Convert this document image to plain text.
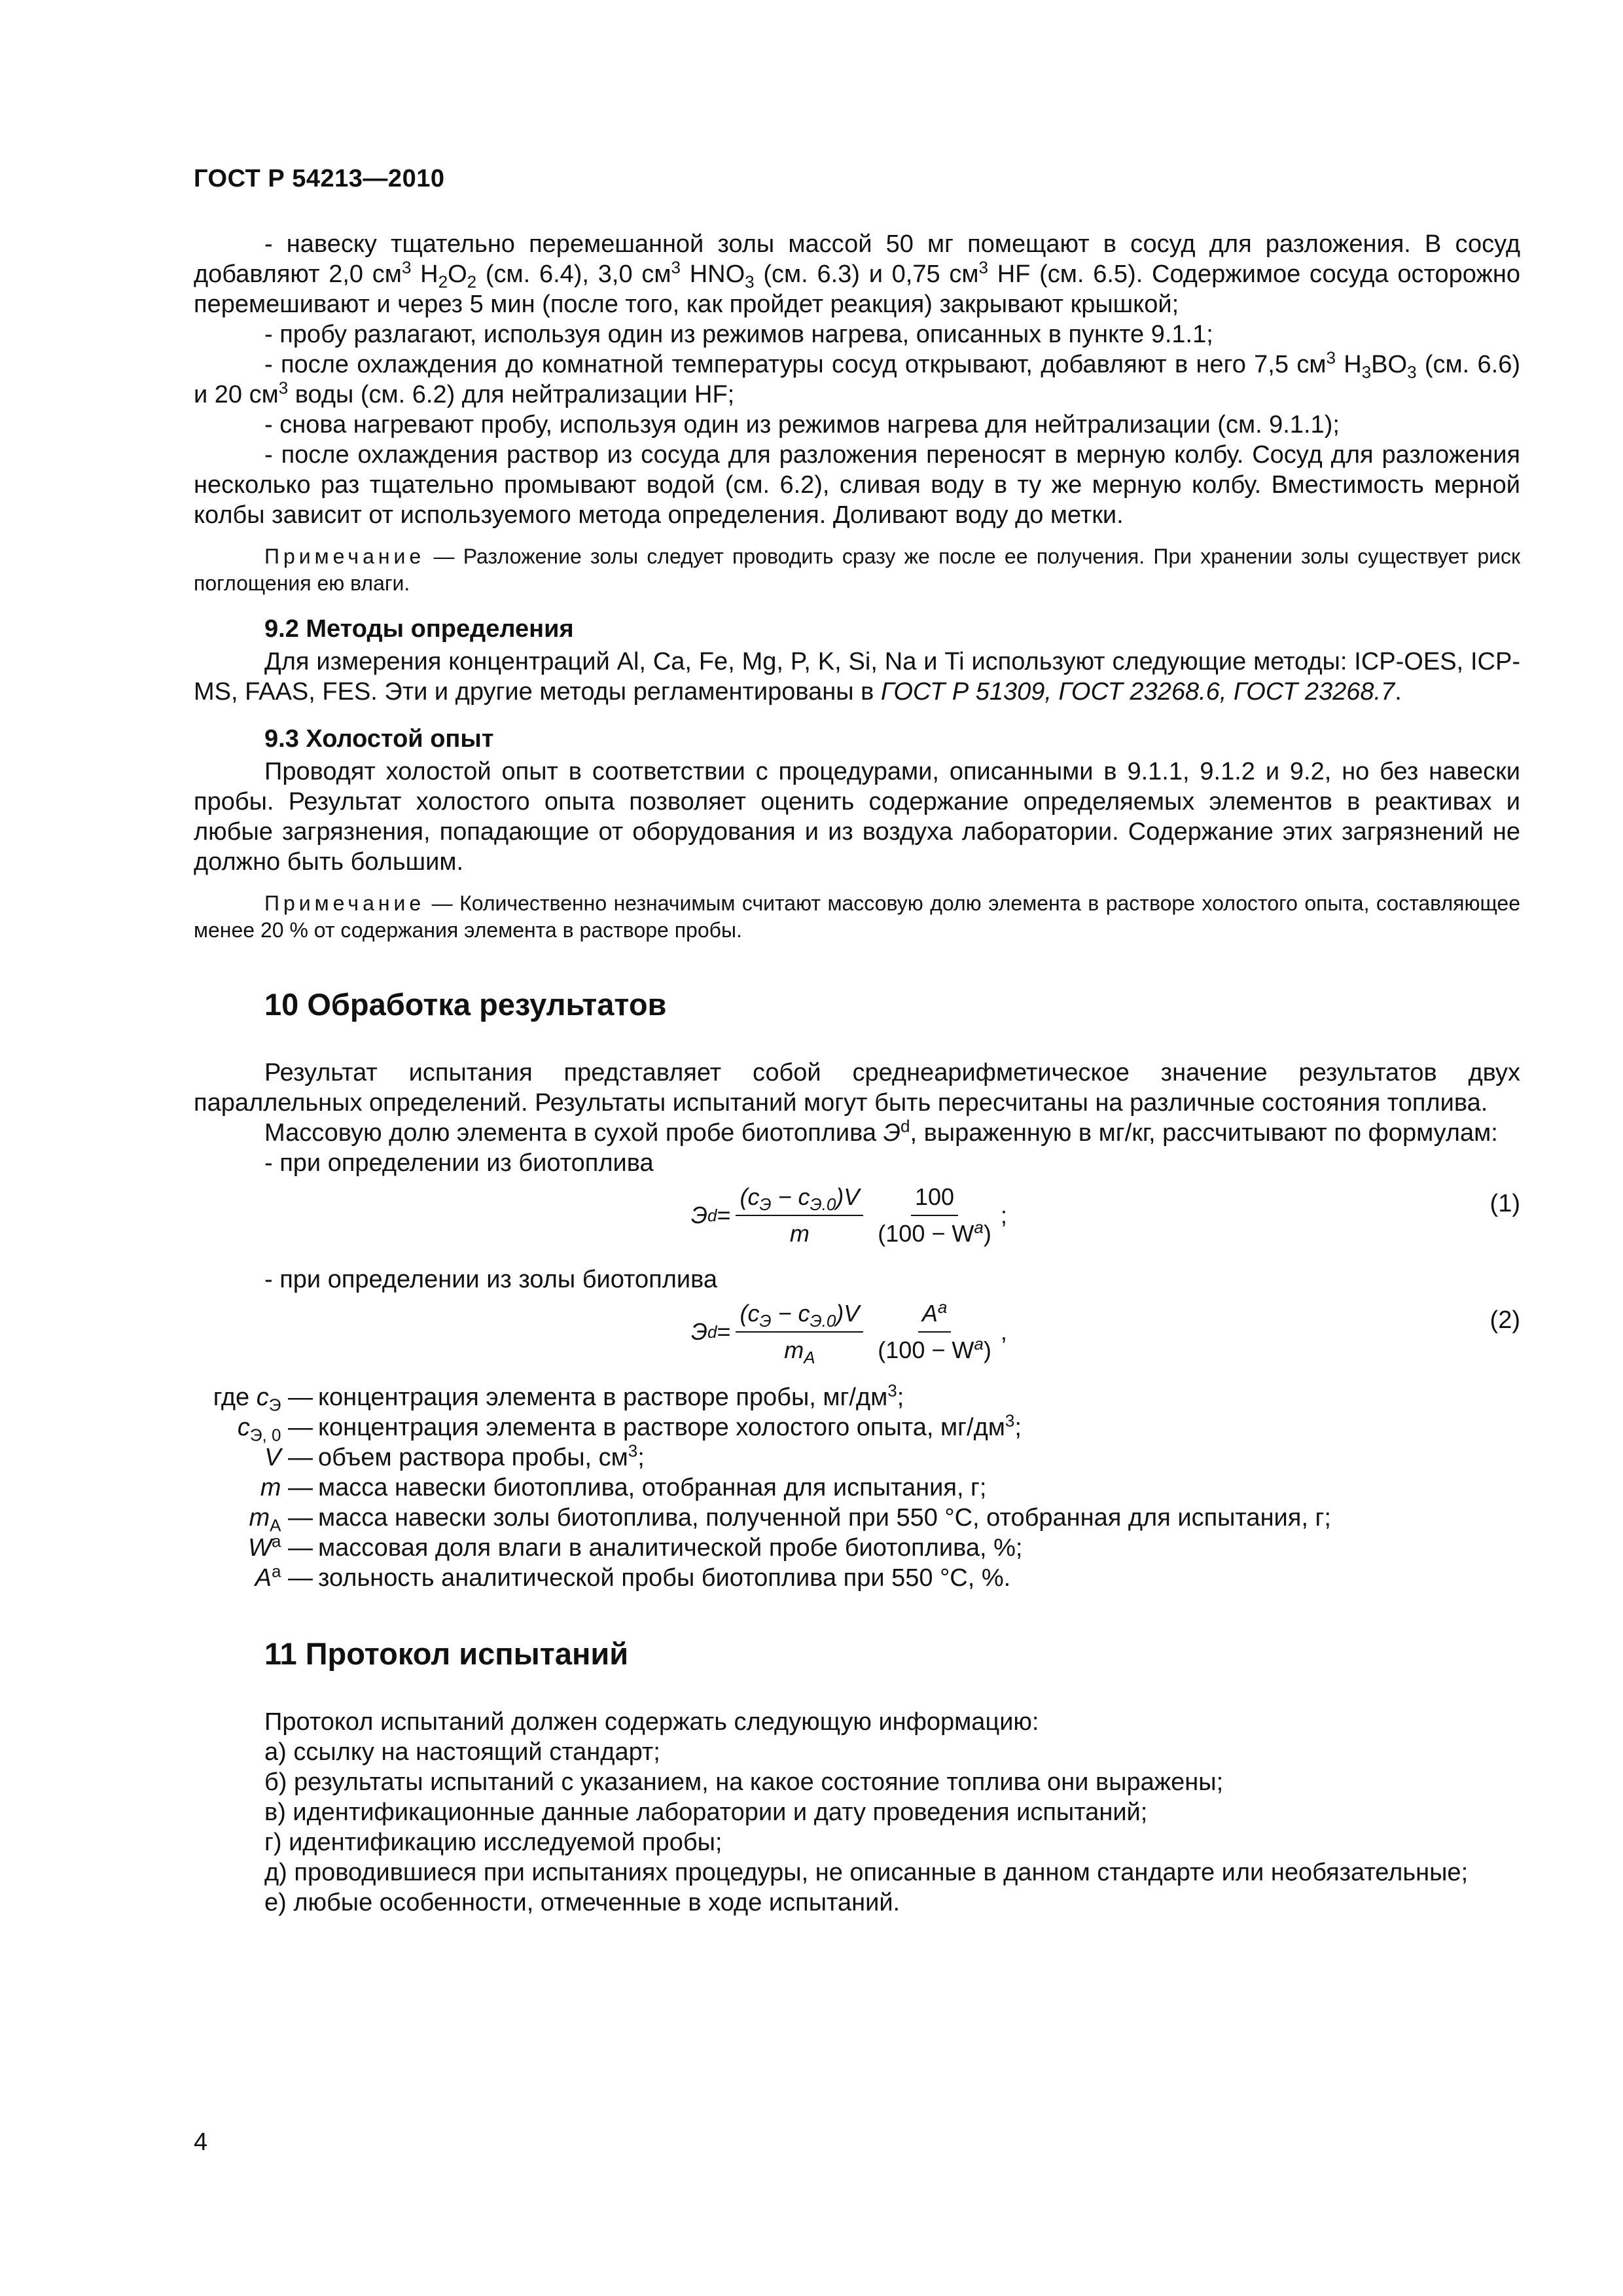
ГОСТ Р 54213—2010

- навеску тщательно перемешанной золы массой 50 мг помещают в сосуд для разложения. В сосуд добавляют 2,0 $см^3$ $H_2O_2$ (см. 6.4), 3,0 $см^3$ $HNO_3$ (см. 6.3) и 0,75 $см^3$ HF (см. 6.5). Содержимое сосуда осторожно перемешивают и через 5 мин (после того, как пройдет реакция) закрывают крышкой;

- пробу разлагают, используя один из режимов нагрева, описанных в пункте 9.1.1;

- после охлаждения до комнатной температуры сосуд открывают, добавляют в него 7,5 $см^3$ $H_3BO_3$ (см. 6.6) и 20 $см^3$ воды (см. 6.2) для нейтрализации HF;

- снова нагревают пробу, используя один из режимов нагрева для нейтрализации (см. 9.1.1);

- после охлаждения раствор из сосуда для разложения переносят в мерную колбу. Сосуд для разложения несколько раз тщательно промывают водой (см. 6.2), сливая воду в ту же мерную колбу. Вместимость мерной колбы зависит от используемого метода определения. Доливают воду до метки.

Примечание — Разложение золы следует проводить сразу же после ее получения. При хранении золы существует риск поглощения ею влаги.

9.2 Методы определения

Для измерения концентраций Al, Ca, Fe, Mg, P, K, Si, Na и Ti используют следующие методы: ICP-OES, ICP-MS, FAAS, FES. Эти и другие методы регламентированы в ГОСТ Р 51309, ГОСТ 23268.6, ГОСТ 23268.7.

9.3 Холостой опыт

Проводят холостой опыт в соответствии с процедурами, описанными в 9.1.1, 9.1.2 и 9.2, но без навески пробы. Результат холостого опыта позволяет оценить содержание определяемых элементов в реактивах и любые загрязнения, попадающие от оборудования и из воздуха лаборатории. Содержание этих загрязнений не должно быть большим.

Примечание — Количественно незначимым считают массовую долю элемента в растворе холостого опыта, составляющее менее 20 % от содержания элемента в растворе пробы.

10 Обработка результатов

Результат испытания представляет собой среднеарифметическое значение результатов двух параллельных определений. Результаты испытаний могут быть пересчитаны на различные состояния топлива.

Массовую долю элемента в сухой пробе биотоплива $Э^d$, выраженную в мг/кг, рассчитывают по формулам:

- при определении из биотоплива

Э $d = \frac{(c_Э - c_{Э.0})V}{m} \frac{100}{(100 - W^a)}$ ;	(1)

- при определении из золы биотоплива

Э $d = \frac{(c_Э - c_{Э.0})V}{m_A} \frac{A^a}{(100 - W^a)}$ ,	(2)
где $c_Э$ — концентрация элемента в растворе пробы, $мг/дм^3$;
$c_{Э, 0}$ — концентрация элемента в растворе холостого опыта, $мг/дм^3$;
V — объем раствора пробы, $см^3$;
m — масса навески биотоплива, отобранная для испытания, г;
$m_A$ — масса навески золы биотоплива, полученной при 550 °С, отобранная для испытания, г;
$W^a$ — массовая доля влаги в аналитической пробе биотоплива, %;
$A^a$ — зольность аналитической пробы биотоплива при 550 °С, %.
11 Протокол испытаний

Протокол испытаний должен содержать следующую информацию:

а) ссылку на настоящий стандарт;

б) результаты испытаний с указанием, на какое состояние топлива они выражены;

в) идентификационные данные лаборатории и дату проведения испытаний;

г) идентификацию исследуемой пробы;

д) проводившиеся при испытаниях процедуры, не описанные в данном стандарте или необязательные;

е) любые особенности, отмеченные в ходе испытаний.

4
